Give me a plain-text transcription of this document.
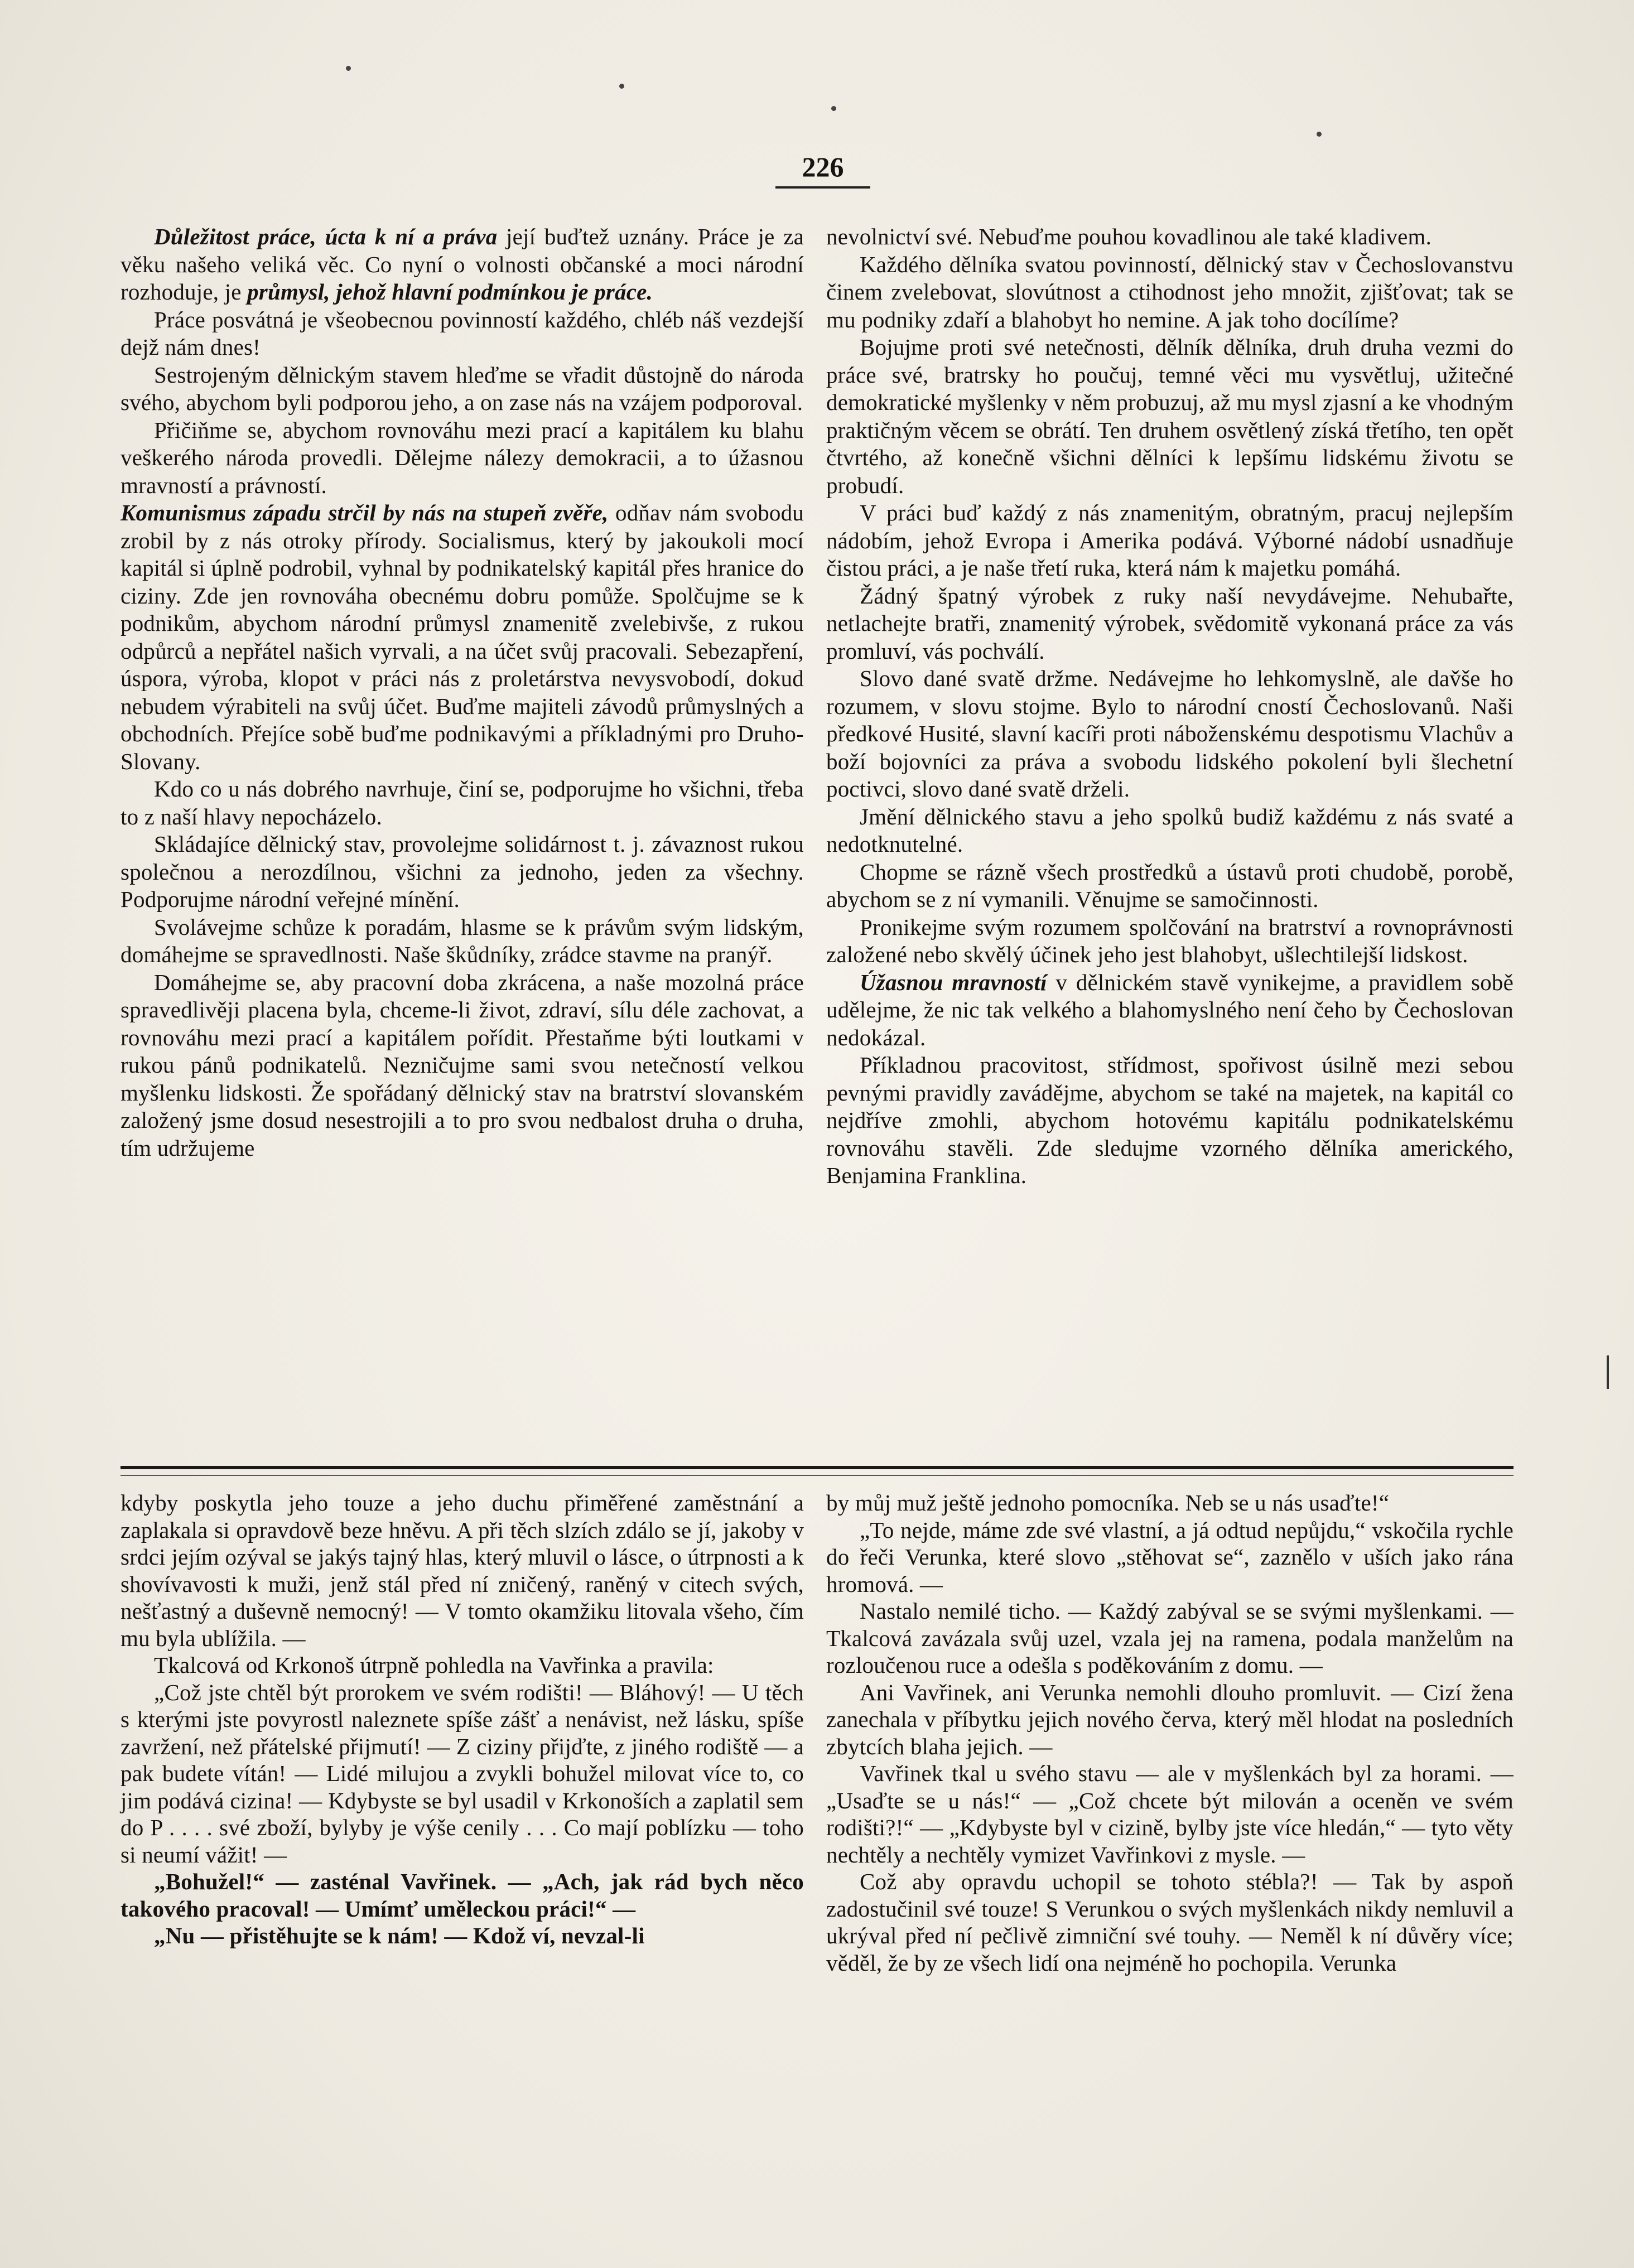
226

Důležitost práce, úcta k ní a práva její buďtež uznány. Práce je za věku našeho veliká věc. Co nyní o volnosti občanské a moci národní rozhoduje, je průmysl, jehož hlavní podmínkou je práce.

Práce posvátná je všeobecnou povinností každého, chléb náš vezdejší dejž nám dnes!

Sestrojeným dělnickým stavem hleďme se vřadit důstojně do národa svého, abychom byli podporou jeho, a on zase nás na vzájem podporoval.

Přičiňme se, abychom rovnováhu mezi prací a kapitálem ku blahu veškerého národa provedli. Dělejme nálezy demokracii, a to úžasnou mravností a právností.

Komunismus západu strčil by nás na stupeň zvěře, odňav nám svobodu zrobil by z nás otroky přírody. Socialismus, který by jakoukoli mocí kapitál si úplně podrobil, vyhnal by podnikatelský kapitál přes hranice do ciziny. Zde jen rovnováha obecnému dobru pomůže. Spolčujme se k podnikům, abychom národní průmysl znamenitě zvelebivše, z rukou odpůrců a nepřátel našich vyrvali, a na účet svůj pracovali. Sebezapření, úspora, výroba, klopot v práci nás z proletárstva nevysvobodí, dokud nebudem výrabiteli na svůj účet. Buďme majiteli závodů průmyslných a obchodních. Přejíce sobě buďme podnikavými a příkladnými pro Druho-Slovany.

Kdo co u nás dobrého navrhuje, činí se, podporujme ho všichni, třeba to z naší hlavy nepocházelo.

Skládajíce dělnický stav, provolejme solidárnost t. j. závaznost rukou společnou a nerozdílnou, všichni za jednoho, jeden za všechny. Podporujme národní veřejné mínění.

Svolávejme schůze k poradám, hlasme se k právům svým lidským, domáhejme se spravedlnosti. Naše škůdníky, zrádce stavme na pranýř.

Domáhejme se, aby pracovní doba zkrácena, a naše mozolná práce spravedlivěji placena byla, chceme-li život, zdraví, sílu déle zachovat, a rovnováhu mezi prací a kapitálem pořídit. Přestaňme býti loutkami v rukou pánů podnikatelů. Nezničujme sami svou netečností velkou myšlenku lidskosti. Že spořádaný dělnický stav na bratrství slovanském založený jsme dosud nesestrojili a to pro svou nedbalost druha o druha, tím udržujeme

nevolnictví své. Nebuďme pouhou kovadlinou ale také kladivem.

Každého dělníka svatou povinností, dělnický stav v Čechoslovanstvu činem zvelebovat, slovútnost a ctihodnost jeho množit, zjišťovat; tak se mu podniky zdaří a blahobyt ho nemine. A jak toho docílíme?

Bojujme proti své netečnosti, dělník dělníka, druh druha vezmi do práce své, bratrsky ho poučuj, temné věci mu vysvětluj, užitečné demokratické myšlenky v něm probuzuj, až mu mysl zjasní a ke vhodným praktičným věcem se obrátí. Ten druhem osvětlený získá třetího, ten opět čtvrtého, až konečně všichni dělníci k lepšímu lidskému životu se probudí.

V práci buď každý z nás znamenitým, obratným, pracuj nejlepším nádobím, jehož Evropa i Amerika podává. Výborné nádobí usnadňuje čistou práci, a je naše třetí ruka, která nám k majetku pomáhá.

Žádný špatný výrobek z ruky naší nevydávejme. Nehubařte, netlachejte bratři, znamenitý výrobek, svědomitě vykonaná práce za vás promluví, vás pochválí.

Slovo dané svatě držme. Nedávejme ho lehkomyslně, ale dav̌še ho rozumem, v slovu stojme. Bylo to národní cností Čechoslovanů. Naši předkové Husité, slavní kacíři proti náboženskému despotismu Vlachův a boží bojovníci za práva a svobodu lidského pokolení byli šlechetní poctivci, slovo dané svatě drželi.

Jmění dělnického stavu a jeho spolků budiž každému z nás svaté a nedotknutelné.

Chopme se rázně všech prostředků a ústavů proti chudobě, porobě, abychom se z ní vymanili. Věnujme se samočinnosti.

Pronikejme svým rozumem spolčování na bratrství a rovnoprávnosti založené nebo skvělý účinek jeho jest blahobyt, ušlechtilejší lidskost.

Úžasnou mravností v dělnickém stavě vynikejme, a pravidlem sobě udělejme, že nic tak velkého a blahomyslného není čeho by Čechoslovan nedokázal.

Příkladnou pracovitost, střídmost, spořivost úsilně mezi sebou pevnými pravidly zavádějme, abychom se také na majetek, na kapitál co nejdříve zmohli, abychom hotovému kapitálu podnikatelskému rovnováhu stavěli. Zde sledujme vzorného dělníka amerického, Benjamina Franklina.

kdyby poskytla jeho touze a jeho duchu přiměřené zaměstnání a zaplakala si opravdově beze hněvu. A při těch slzích zdálo se jí, jakoby v srdci jejím ozýval se jakýs tajný hlas, který mluvil o lásce, o útrpnosti a k shovívavosti k muži, jenž stál před ní zničený, raněný v citech svých, nešťastný a duševně nemocný! — V tomto okamžiku litovala všeho, čím mu byla ublížila. —

Tkalcová od Krkonoš útrpně pohledla na Vavřinka a pravila:

„Což jste chtěl být prorokem ve svém rodišti! — Bláhový! — U těch s kterými jste povyrostl naleznete spíše zášť a nenávist, než lásku, spíše zavržení, než přátelské přijmutí! — Z ciziny přijďte, z jiného rodiště — a pak budete vítán! — Lidé milujou a zvykli bohužel milovat více to, co jim podává cizina! — Kdybyste se byl usadil v Krkonoších a zaplatil sem do P . . . . své zboží, bylyby je výše cenily . . . Co mají poblízku — toho si neumí vážit! —

„Bohužel!“ — zasténal Vavřinek. — „Ach, jak rád bych něco takového pracoval! — Umímť uměleckou práci!“ —

„Nu — přistěhujte se k nám! — Kdož ví, nevzal-li

by můj muž ještě jednoho pomocníka. Neb se u nás usaďte!“

„To nejde, máme zde své vlastní, a já odtud nepůjdu,“ vskočila rychle do řeči Verunka, které slovo „stěhovat se“, zaznělo v uších jako rána hromová. —

Nastalo nemilé ticho. — Každý zabýval se se svými myšlenkami. — Tkalcová zavázala svůj uzel, vzala jej na ramena, podala manželům na rozloučenou ruce a odešla s poděkováním z domu. —

Ani Vavřinek, ani Verunka nemohli dlouho promluvit. — Cizí žena zanechala v příbytku jejich nového červa, který měl hlodat na posledních zbytcích blaha jejich. —

Vavřinek tkal u svého stavu — ale v myšlenkách byl za horami. — „Usaďte se u nás!“ — „Což chcete být milován a oceněn ve svém rodišti?!“ — „Kdybyste byl v cizině, bylby jste více hledán,“ — tyto věty nechtěly a nechtěly vymizet Vavřinkovi z mysle. —

Což aby opravdu uchopil se tohoto stébla?! — Tak by aspoň zadostučinil své touze! S Verunkou o svých myšlenkách nikdy nemluvil a ukrýval před ní pečlivě zimniční své touhy. — Neměl k ní důvěry více; věděl, že by ze všech lidí ona nejméně ho pochopila. Verunka
